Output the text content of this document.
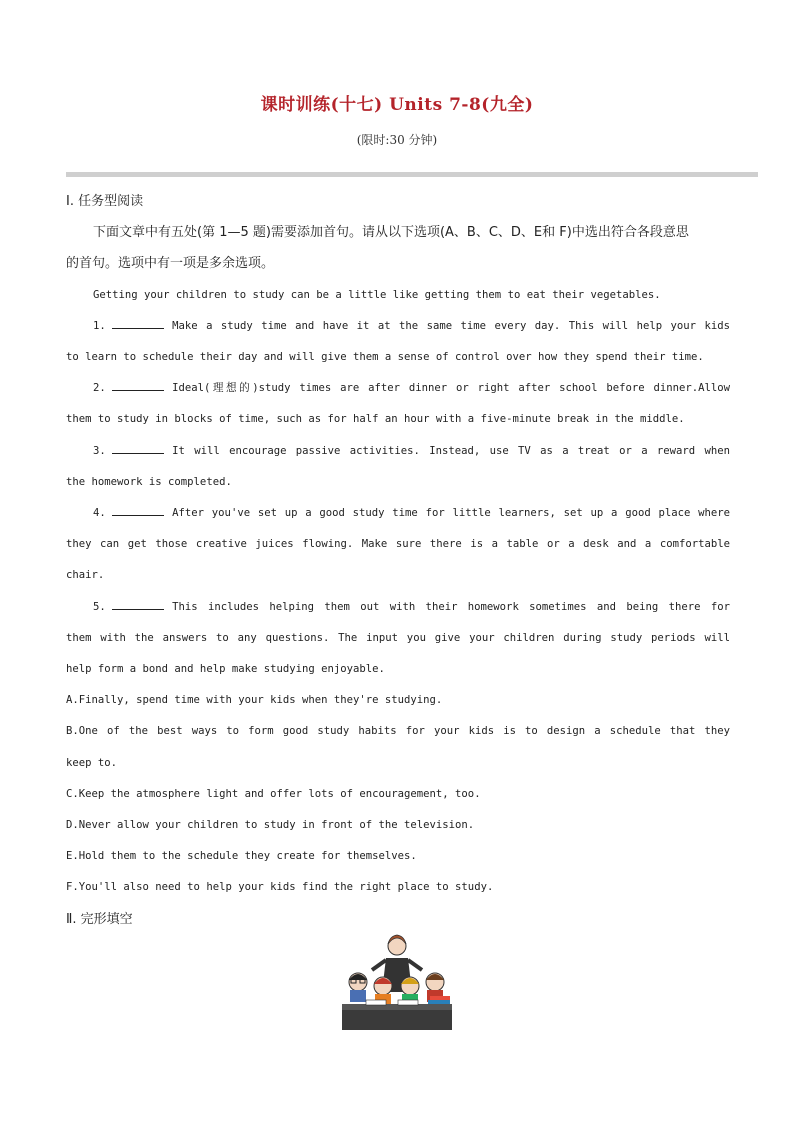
课时训练(十七) Units 7-8(九全)
(限时:30 分钟)
Ⅰ. 任务型阅读
下面文章中有五处(第 1—5 题)需要添加首句。请从以下选项(A、B、C、D、E和 F)中选出符合各段意思
的首句。选项中有一项是多余选项。
Getting your children to study can be a little like getting them to eat their vegetables.
1.	Make a study time and have it at the same time every day. This will help your kids
to learn to schedule their day and will give them a sense of control over how they spend their time.
2.	Ideal(理想的)study times are after dinner or right after school before dinner.Allow
them to study in blocks of time, such as for half an hour with a five-minute break in the middle.
3.	It will encourage passive activities. Instead, use TV as a treat or a reward when
the homework is completed.
4.	After you've set up a good study time for little learners, set up a good place where
they can get those creative juices flowing. Make sure there is a table or a desk and a comfortable
chair.
5.	This includes helping them out with their homework sometimes and being there for
them with the answers to any questions. The input you give your children during study periods will
help form a bond and help make studying enjoyable.
A.Finally, spend time with your kids when they're studying.
B.One of the best ways to form good study habits for your kids is to design a schedule that they
keep to.
C.Keep the atmosphere light and offer lots of encouragement, too.
D.Never allow your children to study in front of the television.
E.Hold them to the schedule they create for themselves.
F.You'll also need to help your kids find the right place to study.
Ⅱ. 完形填空
